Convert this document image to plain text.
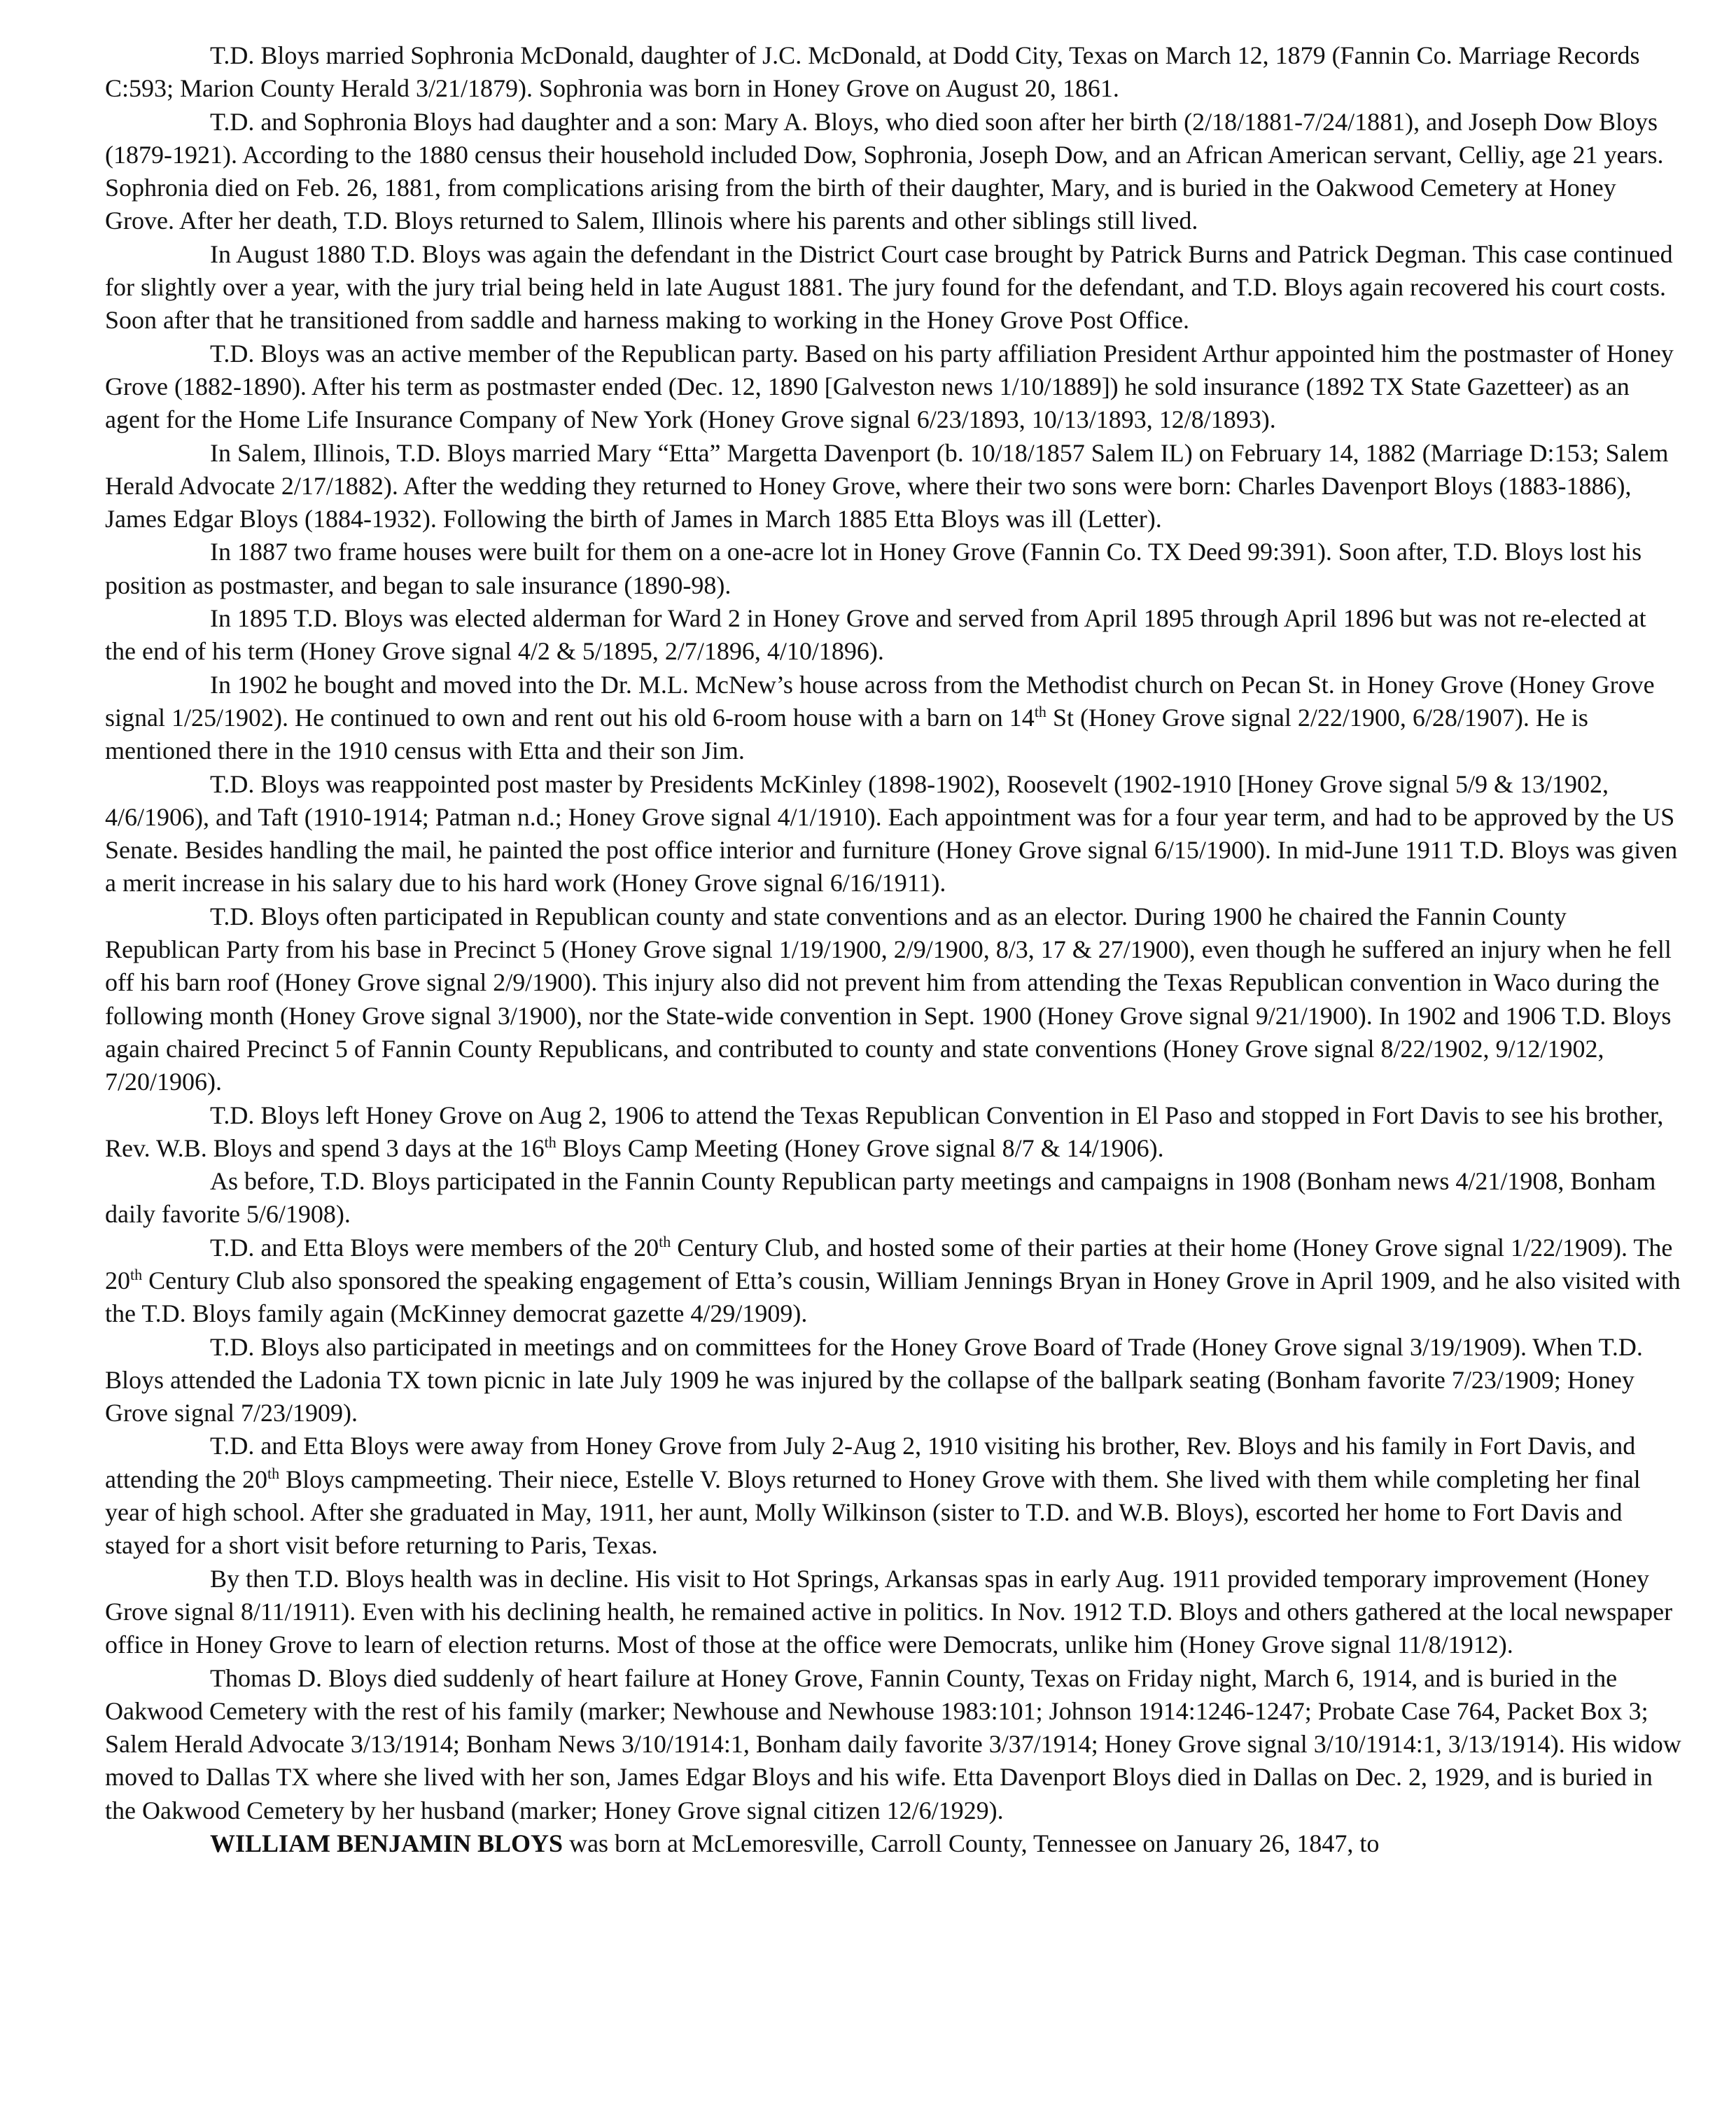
T.D. Bloys married Sophronia McDonald, daughter of J.C. McDonald, at Dodd City, Texas on March 12, 1879 (Fannin Co. Marriage Records C:593; Marion County Herald 3/21/1879). Sophronia was born in Honey Grove on August 20, 1861.

T.D. and Sophronia Bloys had daughter and a son: Mary A. Bloys, who died soon after her birth (2/18/1881-7/24/1881), and Joseph Dow Bloys (1879-1921). According to the 1880 census their household included Dow, Sophronia, Joseph Dow, and an African American servant, Celliy, age 21 years. Sophronia died on Feb. 26, 1881, from complications arising from the birth of their daughter, Mary, and is buried in the Oakwood Cemetery at Honey Grove. After her death, T.D. Bloys returned to Salem, Illinois where his parents and other siblings still lived.

In August 1880 T.D. Bloys was again the defendant in the District Court case brought by Patrick Burns and Patrick Degman. This case continued for slightly over a year, with the jury trial being held in late August 1881. The jury found for the defendant, and T.D. Bloys again recovered his court costs. Soon after that he transitioned from saddle and harness making to working in the Honey Grove Post Office.

T.D. Bloys was an active member of the Republican party. Based on his party affiliation President Arthur appointed him the postmaster of Honey Grove (1882-1890). After his term as postmaster ended (Dec. 12, 1890 [Galveston news 1/10/1889]) he sold insurance (1892 TX State Gazetteer) as an agent for the Home Life Insurance Company of New York (Honey Grove signal 6/23/1893, 10/13/1893, 12/8/1893).

In Salem, Illinois, T.D. Bloys married Mary “Etta” Margetta Davenport (b. 10/18/1857 Salem IL) on February 14, 1882 (Marriage D:153; Salem Herald Advocate 2/17/1882). After the wedding they returned to Honey Grove, where their two sons were born: Charles Davenport Bloys (1883-1886), James Edgar Bloys (1884-1932). Following the birth of James in March 1885 Etta Bloys was ill (Letter).

In 1887 two frame houses were built for them on a one-acre lot in Honey Grove (Fannin Co. TX Deed 99:391). Soon after, T.D. Bloys lost his position as postmaster, and began to sale insurance (1890-98).

In 1895 T.D. Bloys was elected alderman for Ward 2 in Honey Grove and served from April 1895 through April 1896 but was not re-elected at the end of his term (Honey Grove signal 4/2 & 5/1895, 2/7/1896, 4/10/1896).

In 1902 he bought and moved into the Dr. M.L. McNew’s house across from the Methodist church on Pecan St. in Honey Grove (Honey Grove signal 1/25/1902). He continued to own and rent out his old 6-room house with a barn on 14th St (Honey Grove signal 2/22/1900, 6/28/1907). He is mentioned there in the 1910 census with Etta and their son Jim.

T.D. Bloys was reappointed post master by Presidents McKinley (1898-1902), Roosevelt (1902-1910 [Honey Grove signal 5/9 & 13/1902, 4/6/1906), and Taft (1910-1914; Patman n.d.; Honey Grove signal 4/1/1910). Each appointment was for a four year term, and had to be approved by the US Senate. Besides handling the mail, he painted the post office interior and furniture (Honey Grove signal 6/15/1900). In mid-June 1911 T.D. Bloys was given a merit increase in his salary due to his hard work (Honey Grove signal 6/16/1911).

T.D. Bloys often participated in Republican county and state conventions and as an elector. During 1900 he chaired the Fannin County Republican Party from his base in Precinct 5 (Honey Grove signal 1/19/1900, 2/9/1900, 8/3, 17 & 27/1900), even though he suffered an injury when he fell off his barn roof (Honey Grove signal 2/9/1900). This injury also did not prevent him from attending the Texas Republican convention in Waco during the following month (Honey Grove signal 3/1900), nor the State-wide convention in Sept. 1900 (Honey Grove signal 9/21/1900). In 1902 and 1906 T.D. Bloys again chaired Precinct 5 of Fannin County Republicans, and contributed to county and state conventions (Honey Grove signal 8/22/1902, 9/12/1902, 7/20/1906).

T.D. Bloys left Honey Grove on Aug 2, 1906 to attend the Texas Republican Convention in El Paso and stopped in Fort Davis to see his brother, Rev. W.B. Bloys and spend 3 days at the 16th Bloys Camp Meeting (Honey Grove signal 8/7 & 14/1906).

As before, T.D. Bloys participated in the Fannin County Republican party meetings and campaigns in 1908 (Bonham news 4/21/1908, Bonham daily favorite 5/6/1908).

T.D. and Etta Bloys were members of the 20th Century Club, and hosted some of their parties at their home (Honey Grove signal 1/22/1909). The 20th Century Club also sponsored the speaking engagement of Etta’s cousin, William Jennings Bryan in Honey Grove in April 1909, and he also visited with the T.D. Bloys family again (McKinney democrat gazette 4/29/1909).

T.D. Bloys also participated in meetings and on committees for the Honey Grove Board of Trade (Honey Grove signal 3/19/1909). When T.D. Bloys attended the Ladonia TX town picnic in late July 1909 he was injured by the collapse of the ballpark seating (Bonham favorite 7/23/1909; Honey Grove signal 7/23/1909).

T.D. and Etta Bloys were away from Honey Grove from July 2-Aug 2, 1910 visiting his brother, Rev. Bloys and his family in Fort Davis, and attending the 20th Bloys campmeeting. Their niece, Estelle V. Bloys returned to Honey Grove with them. She lived with them while completing her final year of high school. After she graduated in May, 1911, her aunt, Molly Wilkinson (sister to T.D. and W.B. Bloys), escorted her home to Fort Davis and stayed for a short visit before returning to Paris, Texas.

By then T.D. Bloys health was in decline. His visit to Hot Springs, Arkansas spas in early Aug. 1911 provided temporary improvement (Honey Grove signal 8/11/1911). Even with his declining health, he remained active in politics. In Nov. 1912 T.D. Bloys and others gathered at the local newspaper office in Honey Grove to learn of election returns. Most of those at the office were Democrats, unlike him (Honey Grove signal 11/8/1912).

Thomas D. Bloys died suddenly of heart failure at Honey Grove, Fannin County, Texas on Friday night, March 6, 1914, and is buried in the Oakwood Cemetery with the rest of his family (marker; Newhouse and Newhouse 1983:101; Johnson 1914:1246-1247; Probate Case 764, Packet Box 3; Salem Herald Advocate 3/13/1914; Bonham News 3/10/1914:1, Bonham daily favorite 3/37/1914; Honey Grove signal 3/10/1914:1, 3/13/1914). His widow moved to Dallas TX where she lived with her son, James Edgar Bloys and his wife. Etta Davenport Bloys died in Dallas on Dec. 2, 1929, and is buried in the Oakwood Cemetery by her husband (marker; Honey Grove signal citizen 12/6/1929).

WILLIAM BENJAMIN BLOYS was born at McLemoresville, Carroll County, Tennessee on January 26, 1847, to
